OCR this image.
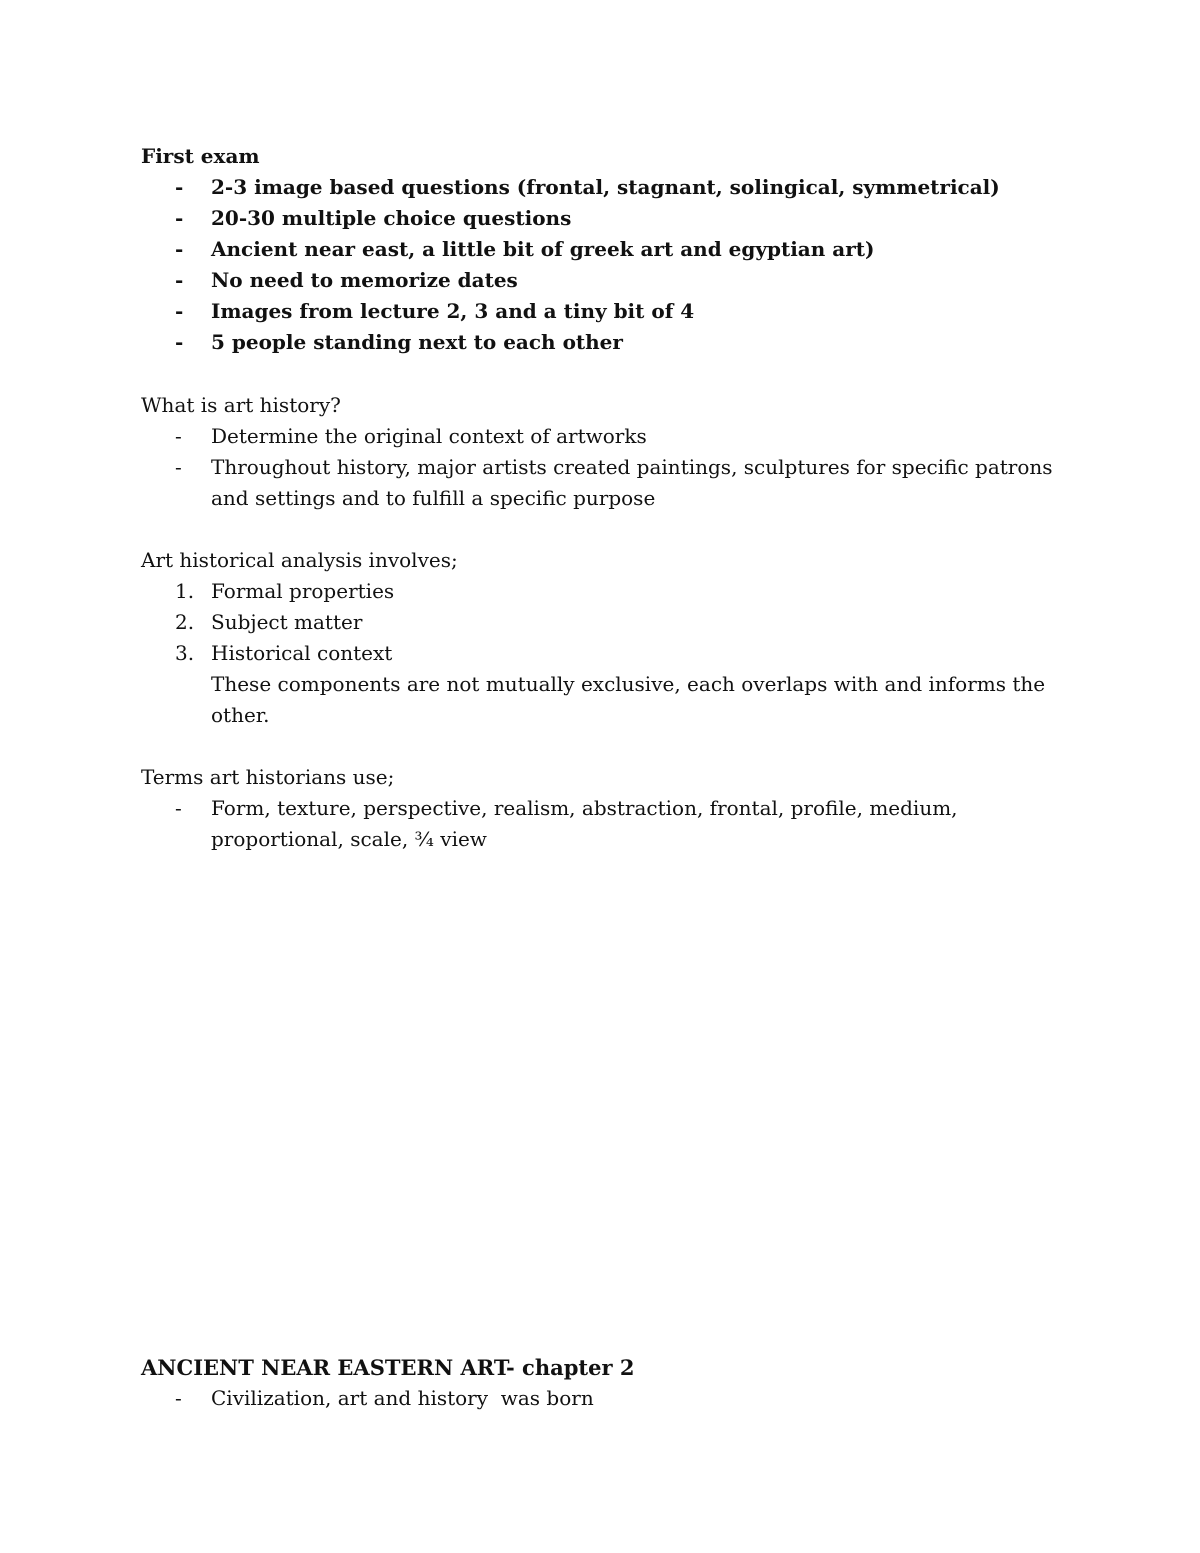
First exam
- 2-3 image based questions (frontal, stagnant, solingical, symmetrical)
- 20-30 multiple choice questions
- Ancient near east, a little bit of greek art and egyptian art)
- No need to memorize dates
- Images from lecture 2, 3 and a tiny bit of 4
- 5 people standing next to each other
What is art history?
- Determine the original context of artworks
- Throughout history, major artists created paintings, sculptures for specific patrons and settings and to fulfill a specific purpose
Art historical analysis involves;
1. Formal properties
2. Subject matter
3. Historical context
These components are not mutually exclusive, each overlaps with and informs the other.
Terms art historians use;
- Form, texture, perspective, realism, abstraction, frontal, profile, medium, proportional, scale, ¾ view
ANCIENT NEAR EASTERN ART- chapter 2
- Civilization, art and history  was born
